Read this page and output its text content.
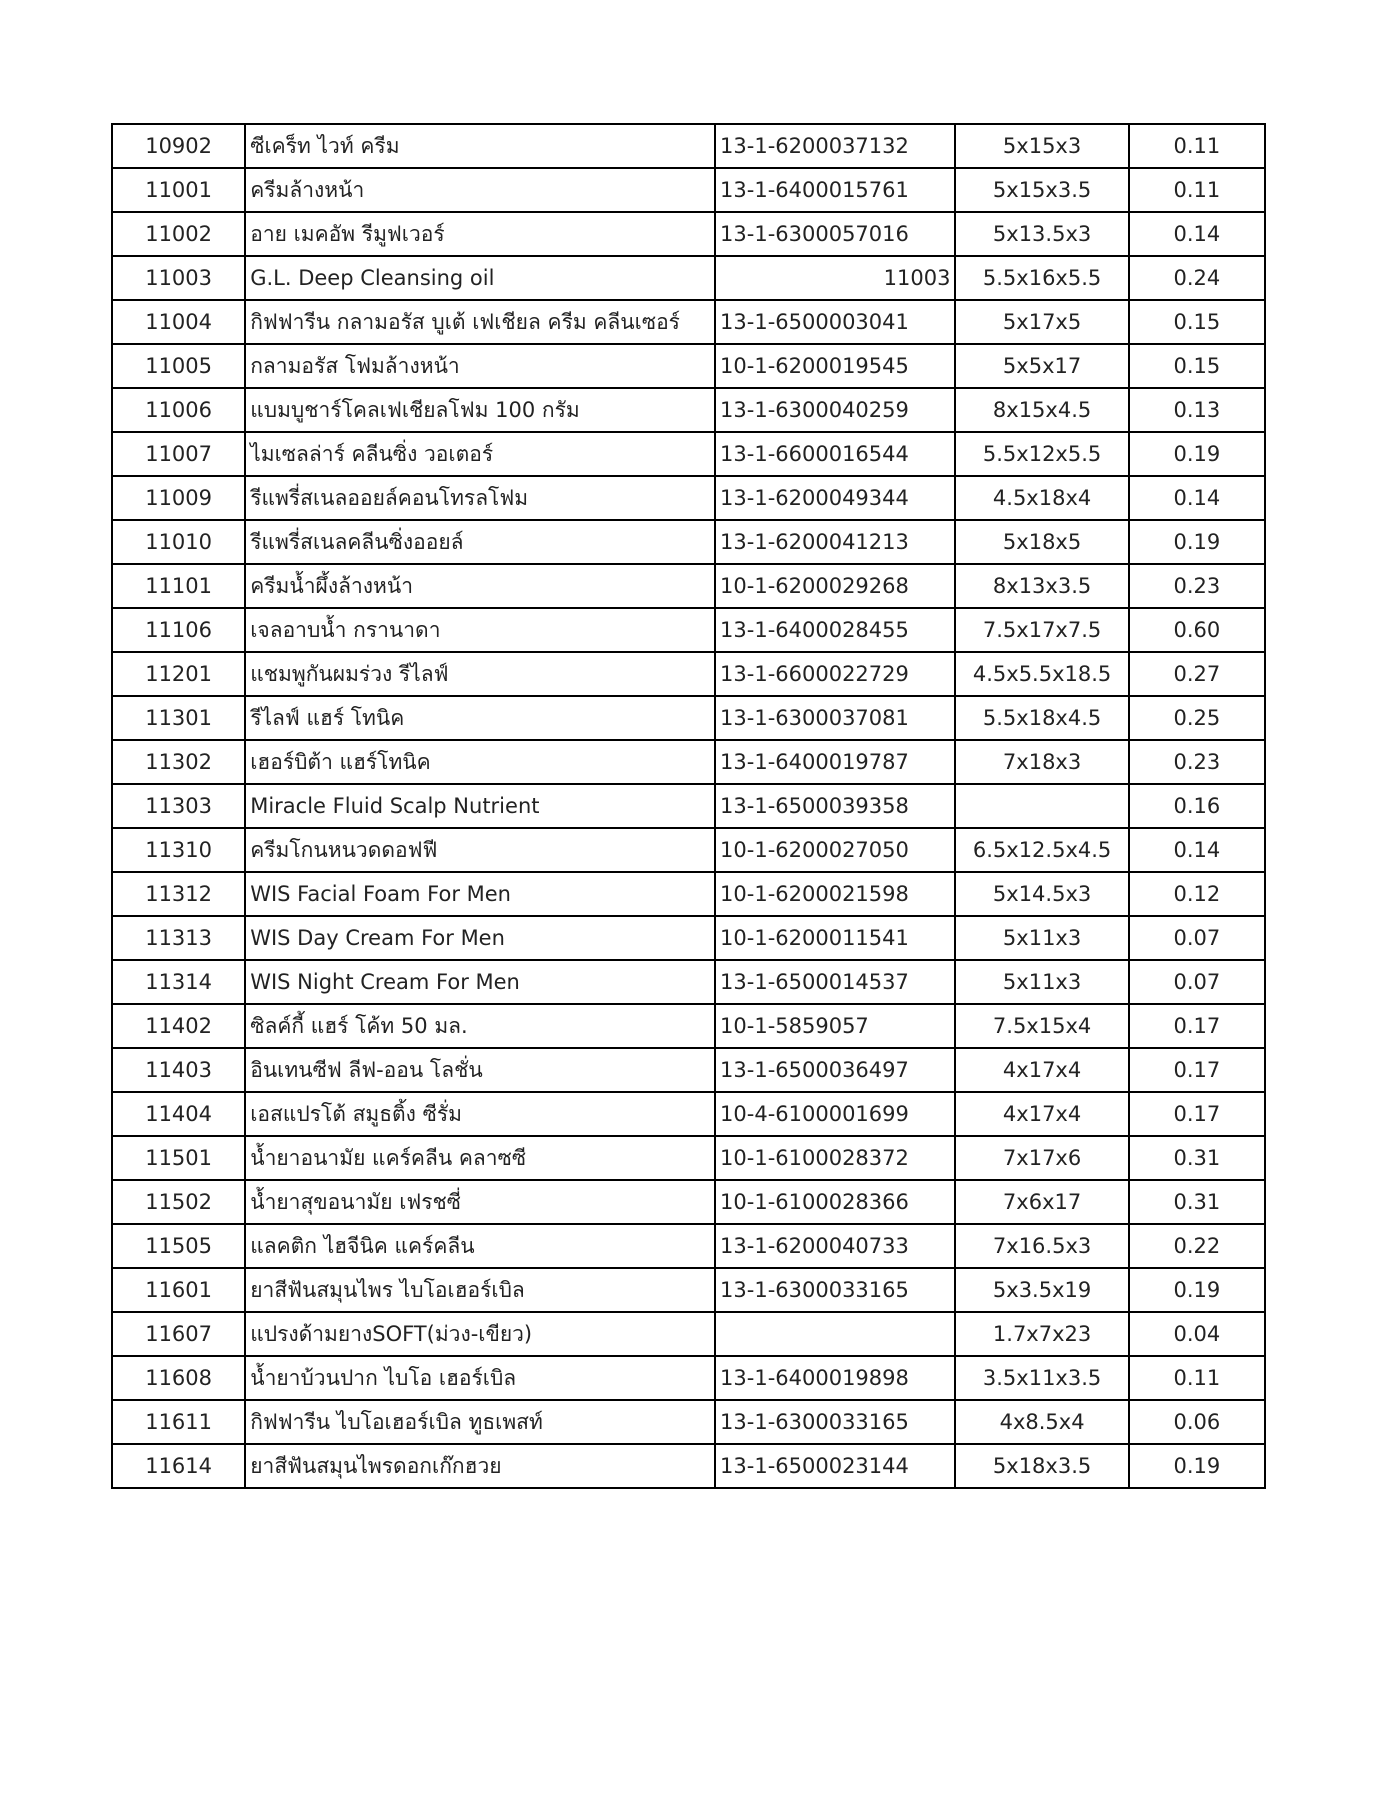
10902	ซีเคร็ท ไวท์ ครีม	13-1-6200037132	5x15x3	0.11
11001	ครีมล้างหน้า	13-1-6400015761	5x15x3.5	0.11
11002	อาย เมคอัพ รีมูฟเวอร์	13-1-6300057016	5x13.5x3	0.14
11003	G.L. Deep Cleansing oil	11003	5.5x16x5.5	0.24
11004	กิฟฟารีน กลามอรัส บูเต้ เฟเชียล ครีม คลีนเซอร์	13-1-6500003041	5x17x5	0.15
11005	กลามอรัส โฟมล้างหน้า	10-1-6200019545	5x5x17	0.15
11006	แบมบูชาร์โคลเฟเชียลโฟม 100 กรัม	13-1-6300040259	8x15x4.5	0.13
11007	ไมเซลล่าร์ คลีนซิ่ง วอเตอร์	13-1-6600016544	5.5x12x5.5	0.19
11009	รีแพรี่สเนลออยล์คอนโทรลโฟม	13-1-6200049344	4.5x18x4	0.14
11010	รีแพรี่สเนลคลีนซิ่งออยล์	13-1-6200041213	5x18x5	0.19
11101	ครีมน้ำผึ้งล้างหน้า	10-1-6200029268	8x13x3.5	0.23
11106	เจลอาบน้ำ กรานาดา	13-1-6400028455	7.5x17x7.5	0.60
11201	แชมพูกันผมร่วง รีไลฟ์	13-1-6600022729	4.5x5.5x18.5	0.27
11301	รีไลฟ์ แฮร์ โทนิค	13-1-6300037081	5.5x18x4.5	0.25
11302	เฮอร์บิต้า แฮร์โทนิค	13-1-6400019787	7x18x3	0.23
11303	Miracle Fluid Scalp Nutrient	13-1-6500039358		0.16
11310	ครีมโกนหนวดดอฟฟี	10-1-6200027050	6.5x12.5x4.5	0.14
11312	WIS Facial Foam For Men	10-1-6200021598	5x14.5x3	0.12
11313	WIS Day Cream For Men	10-1-6200011541	5x11x3	0.07
11314	WIS Night Cream For Men	13-1-6500014537	5x11x3	0.07
11402	ซิลค์กี้ แฮร์ โค้ท 50 มล.	10-1-5859057	7.5x15x4	0.17
11403	อินเทนซีฟ ลีฟ-ออน โลชั่น	13-1-6500036497	4x17x4	0.17
11404	เอสแปรโต้ สมูธติ้ง ซีรั่ม	10-4-6100001699	4x17x4	0.17
11501	น้ำยาอนามัย แคร์คลีน คลาซซี	10-1-6100028372	7x17x6	0.31
11502	น้ำยาสุขอนามัย เฟรชซี่	10-1-6100028366	7x6x17	0.31
11505	แลคติก ไฮจีนิค แคร์คลีน	13-1-6200040733	7x16.5x3	0.22
11601	ยาสีฟันสมุนไพร ไบโอเฮอร์เบิล	13-1-6300033165	5x3.5x19	0.19
11607	แปรงด้ามยางSOFT(ม่วง-เขียว)		1.7x7x23	0.04
11608	น้ำยาบ้วนปาก ไบโอ เฮอร์เบิล	13-1-6400019898	3.5x11x3.5	0.11
11611	กิฟฟารีน ไบโอเฮอร์เบิล ทูธเพสท์	13-1-6300033165	4x8.5x4	0.06
11614	ยาสีฟันสมุนไพรดอกเก๊กฮวย	13-1-6500023144	5x18x3.5	0.19
